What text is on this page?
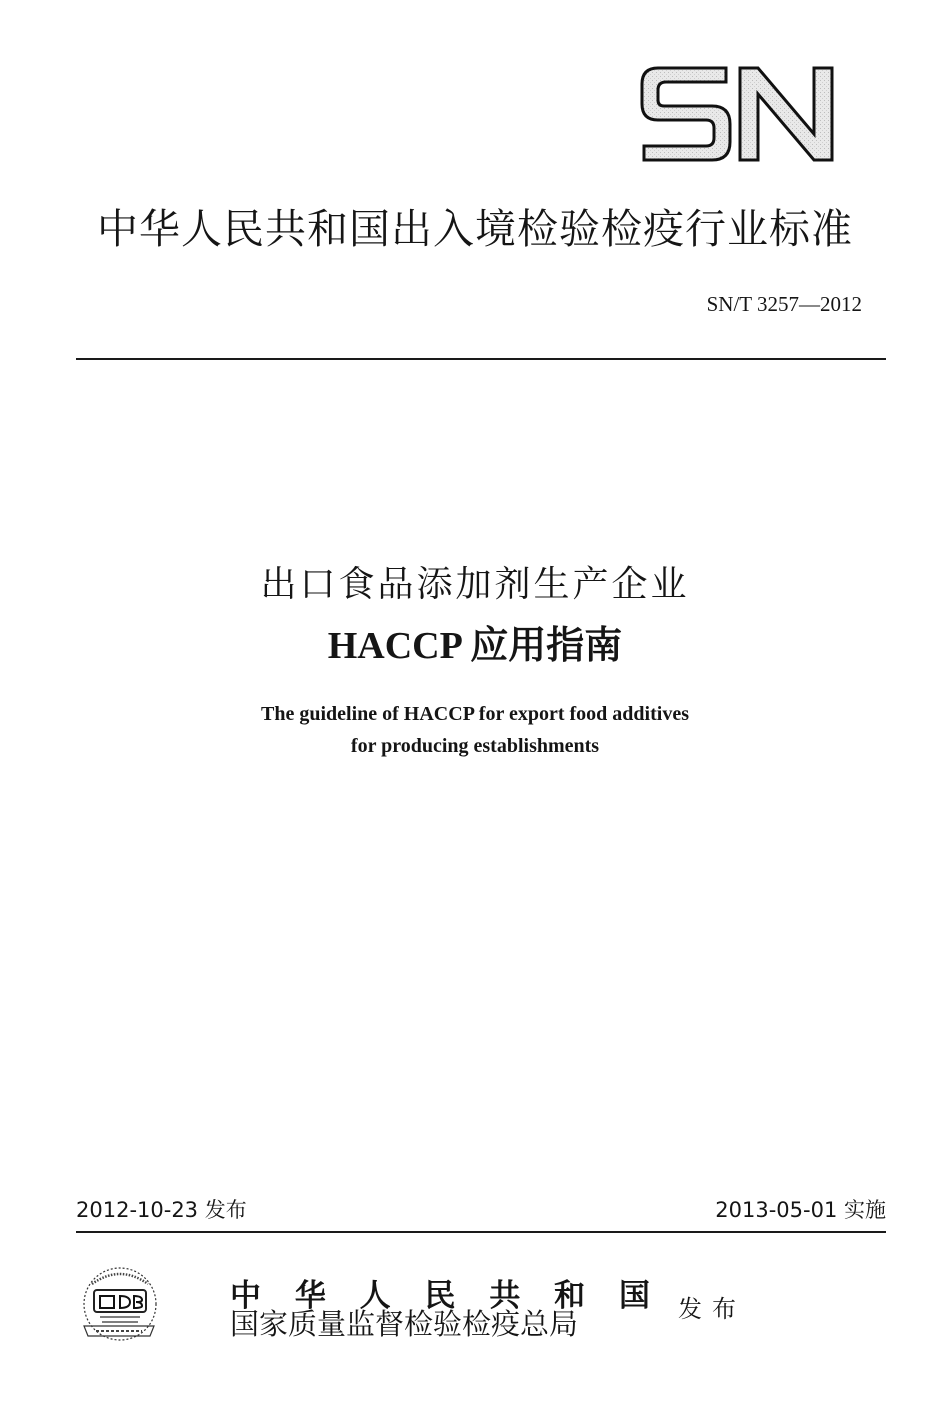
中华人民共和国出入境检验检疫行业标准
SN/T 3257—2012
出口食品添加剂生产企业
HACCP 应用指南
The guideline of HACCP for export food additives
for producing establishments
2012-10-23 发布	2013-05-01 实施
中 华 人 民 共 和 国
国家质量监督检验检疫总局	发布
